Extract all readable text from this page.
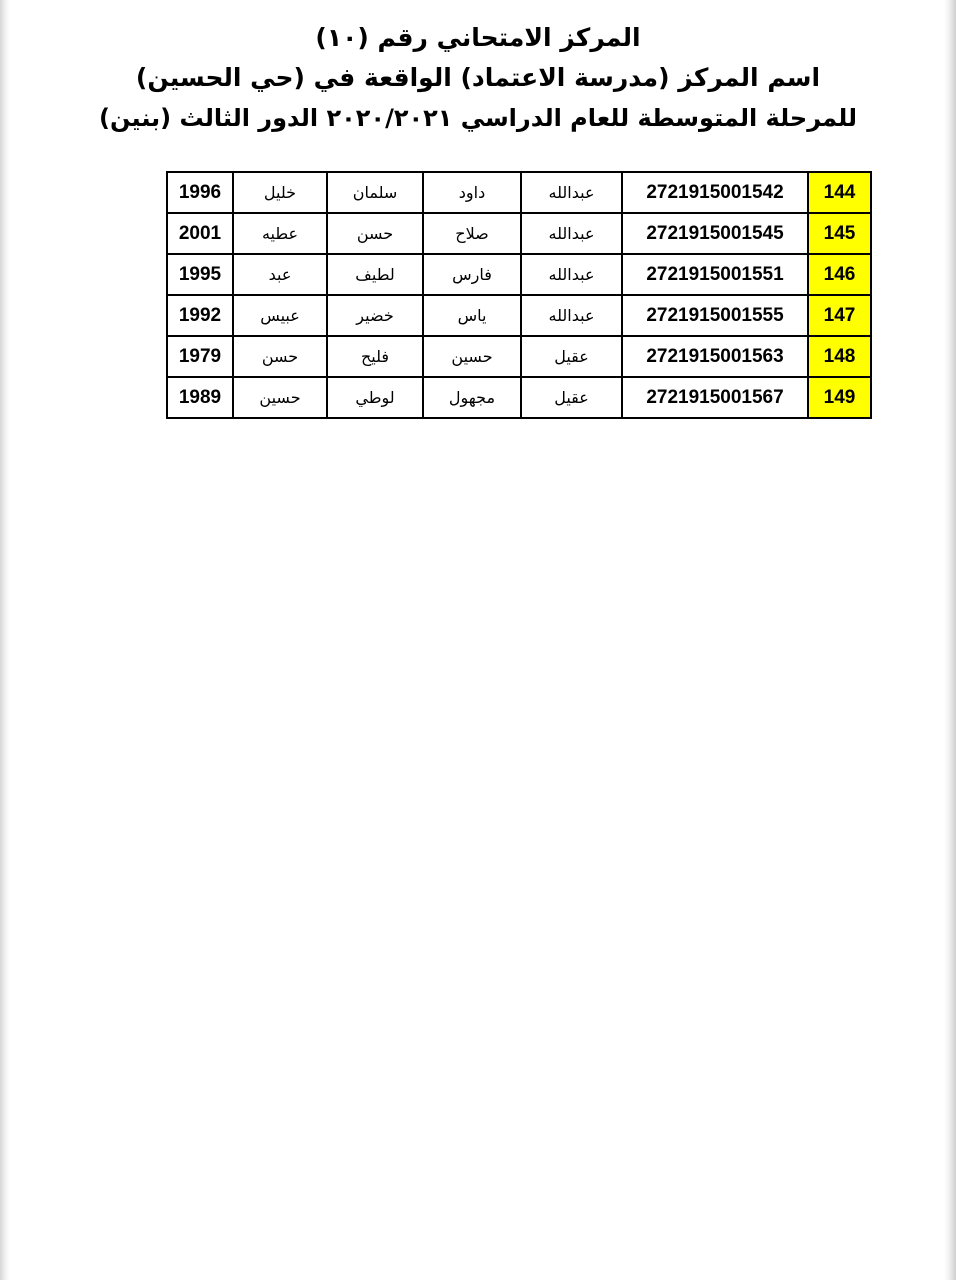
المركز الامتحاني رقم (١٠)
اسم المركز (مدرسة الاعتماد) الواقعة في (حي الحسين)
للمرحلة المتوسطة للعام الدراسي ٢٠٢٠/٢٠٢١ الدور الثالث (بنين)
1996	خليل	سلمان	داود	عبدالله	2721915001542	144
2001	عطيه	حسن	صلاح	عبدالله	2721915001545	145
1995	عبد	لطيف	فارس	عبدالله	2721915001551	146
1992	عبيس	خضير	ياس	عبدالله	2721915001555	147
1979	حسن	فليح	حسين	عقيل	2721915001563	148
1989	حسين	لوطي	مجهول	عقيل	2721915001567	149
